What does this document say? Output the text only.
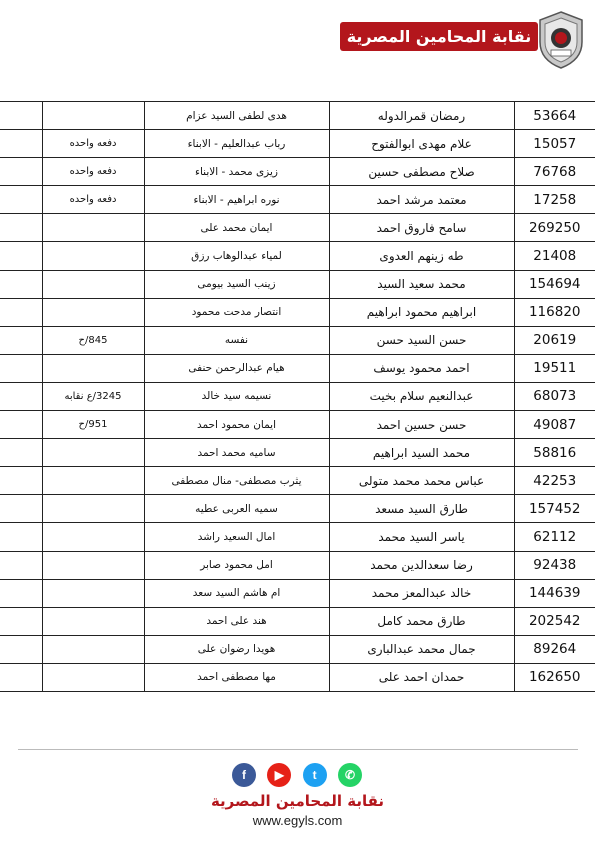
نقابة المحامين المصرية
		هدى لطفى السيد عزام	رمضان قمرالدوله	53664
	دفعه واحده	رباب عبدالعليم - الابناء	علام مهدى ابوالفتوح	15057
	دفعه واحده	زيزى محمد - الابناء	صلاح مصطفى حسين	76768
	دفعه واحده	نوره ابراهيم - الابناء	معتمد مرشد احمد	17258
		ايمان محمد على	سامح فاروق احمد	269250
		لمياء عبدالوهاب رزق	طه زينهم العدوى	21408
		زينب السيد بيومى	محمد سعيد السيد	154694
		انتصار مدحت محمود	ابراهيم محمود ابراهيم	116820
	845/ح	نفسه	حسن السيد حسن	20619
		هيام عبدالرحمن حنفى	احمد محمود يوسف	19511
	3245/ع نقابه	نسيمه سيد خالد	عبدالنعيم سلام بخيت	68073
	951/ح	ايمان محمود احمد	حسن حسين احمد	49087
		ساميه محمد احمد	محمد السيد ابراهيم	58816
		يثرب مصطفى- منال مصطفى	عباس محمد محمد متولى	42253
		سميه العربى عطيه	طارق السيد مسعد	157452
		امال السعيد راشد	ياسر السيد محمد	62112
		امل محمود صابر	رضا سعدالدين محمد	92438
		ام هاشم السيد سعد	خالد عبدالمعز محمد	144639
		هند على احمد	طارق محمد كامل	202542
		هويدا رضوان على	جمال محمد عبدالبارى	89264
		مها مصطفى احمد	حمدان احمد على	162650
f	▶	t	✆
نقابة المحامين المصرية
www.egyls.com
